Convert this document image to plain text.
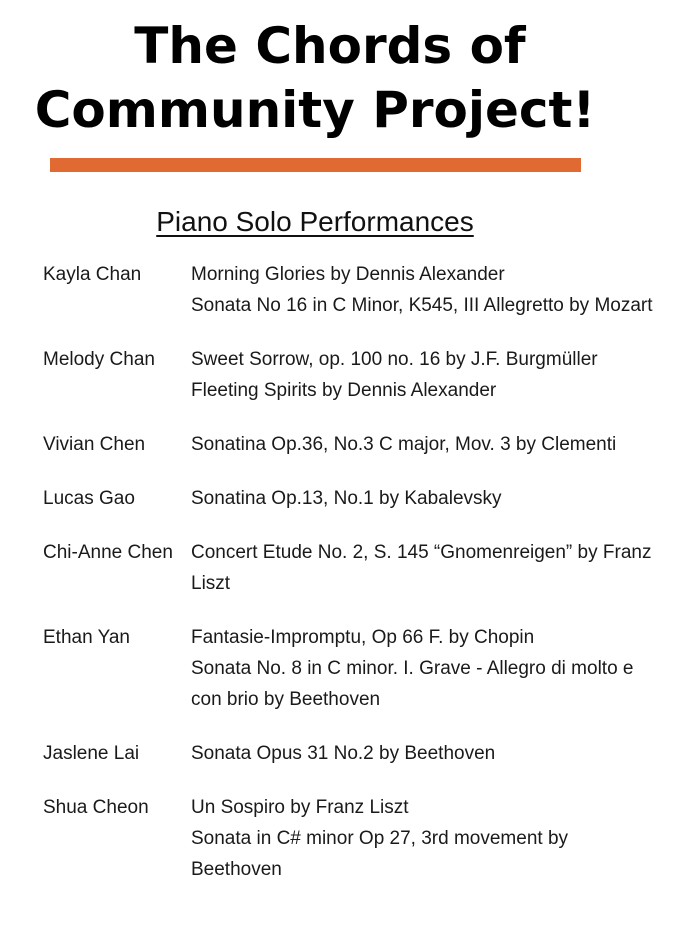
The Chords of
Community Project!
Piano Solo Performances
Kayla Chan	Morning Glories by Dennis Alexander
Sonata No 16 in C Minor, K545, III Allegretto by Mozart
Melody Chan	Sweet Sorrow, op. 100 no. 16 by J.F. Burgmüller
Fleeting Spirits by Dennis Alexander
Vivian Chen	Sonatina Op.36, No.3 C major, Mov. 3 by Clementi
Lucas Gao	Sonatina Op.13, No.1 by Kabalevsky
Chi-Anne Chen Concert Etude No. 2, S. 145 “Gnomenreigen” by Franz Liszt
Ethan Yan	Fantasie-Impromptu, Op 66 F. by Chopin
Sonata No. 8 in C minor. I. Grave - Allegro di molto e con brio by Beethoven
Jaslene Lai	Sonata Opus 31 No.2 by Beethoven
Shua Cheon	Un Sospiro by Franz Liszt
Sonata in C# minor Op 27, 3rd movement by Beethoven
